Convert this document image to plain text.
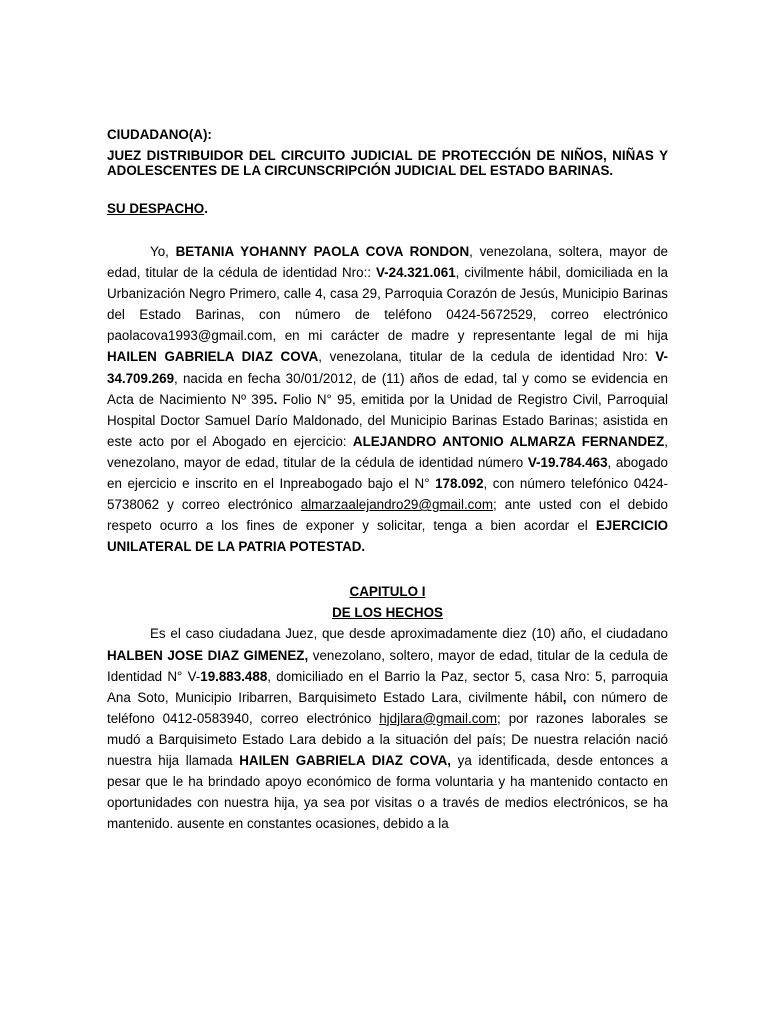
CIUDADANO(A):

JUEZ DISTRIBUIDOR DEL CIRCUITO JUDICIAL DE PROTECCIÓN DE NIÑOS, NIÑAS Y ADOLESCENTES DE LA CIRCUNSCRIPCIÓN JUDICIAL DEL ESTADO BARINAS.

SU DESPACHO.

Yo, BETANIA YOHANNY PAOLA COVA RONDON, venezolana, soltera, mayor de edad, titular de la cédula de identidad Nro:: V-24.321.061, civilmente hábil, domiciliada en la Urbanización Negro Primero, calle 4, casa 29, Parroquia Corazón de Jesús, Municipio Barinas del Estado Barinas, con número de teléfono 0424-5672529, correo electrónico paolacova1993@gmail.com, en mi carácter de madre y representante legal de mi hija HAILEN GABRIELA DIAZ COVA, venezolana, titular de la cedula de identidad Nro: V-34.709.269, nacida en fecha 30/01/2012, de (11) años de edad, tal y como se evidencia en Acta de Nacimiento Nº 395. Folio N° 95, emitida por la Unidad de Registro Civil, Parroquial Hospital Doctor Samuel Darío Maldonado, del Municipio Barinas Estado Barinas; asistida en este acto por el Abogado en ejercicio: ALEJANDRO ANTONIO ALMARZA FERNANDEZ, venezolano, mayor de edad, titular de la cédula de identidad número V-19.784.463, abogado en ejercicio e inscrito en el Inpreabogado bajo el N° 178.092, con número telefónico 0424-5738062 y correo electrónico almarzaalejandro29@gmail.com; ante usted con el debido respeto ocurro a los fines de exponer y solicitar, tenga a bien acordar el EJERCICIO UNILATERAL DE LA PATRIA POTESTAD.

CAPITULO I

DE LOS HECHOS

Es el caso ciudadana Juez, que desde aproximadamente diez (10) año, el ciudadano HALBEN JOSE DIAZ GIMENEZ, venezolano, soltero, mayor de edad, titular de la cedula de Identidad N° V-19.883.488, domiciliado en el Barrio la Paz, sector 5, casa Nro: 5, parroquia Ana Soto, Municipio Iribarren, Barquisimeto Estado Lara, civilmente hábil, con número de teléfono 0412-0583940, correo electrónico hjdjlara@gmail.com; por razones laborales se mudó a Barquisimeto Estado Lara debido a la situación del país; De nuestra relación nació nuestra hija llamada HAILEN GABRIELA DIAZ COVA, ya identificada, desde entonces a pesar que le ha brindado apoyo económico de forma voluntaria y ha mantenido contacto en oportunidades con nuestra hija, ya sea por visitas o a través de medios electrónicos, se ha mantenido. ausente en constantes ocasiones, debido a la
